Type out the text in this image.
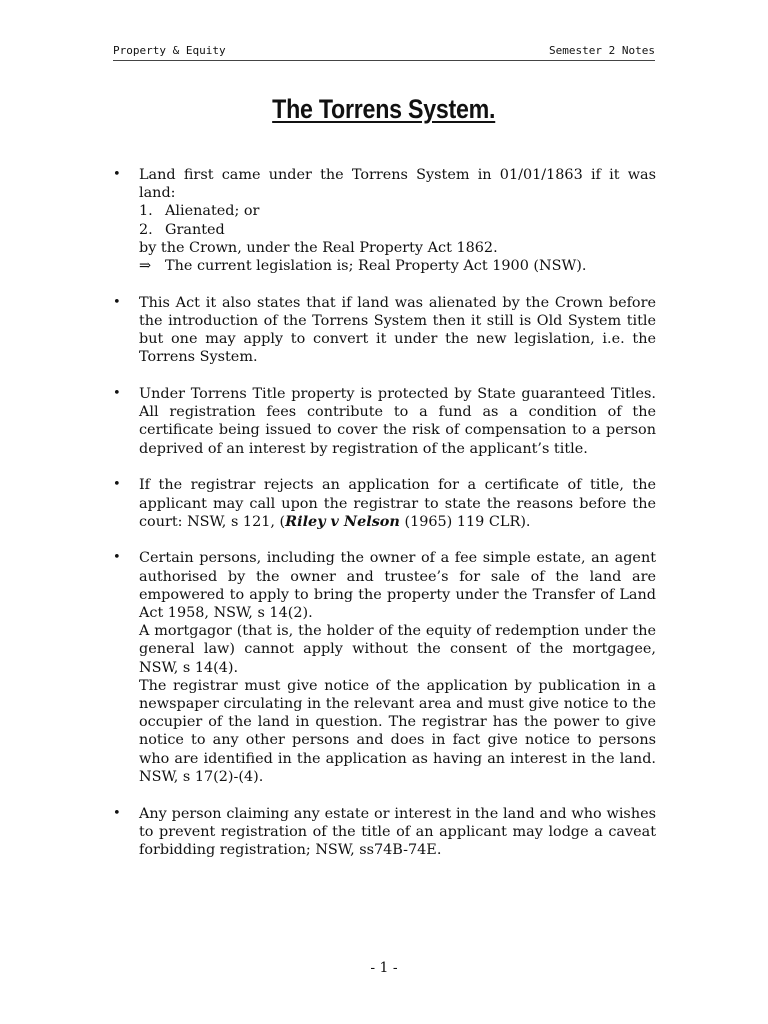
Property & Equity	Semester 2 Notes
The Torrens System.
• Land first came under the Torrens System in 01/01/1863 if it was land:
1. Alienated; or
2. Granted
by the Crown, under the Real Property Act 1862.
⇒ The current legislation is; Real Property Act 1900 (NSW).
• This Act it also states that if land was alienated by the Crown before the introduction of the Torrens System then it still is Old System title but one may apply to convert it under the new legislation, i.e. the Torrens System.
• Under Torrens Title property is protected by State guaranteed Titles. All registration fees contribute to a fund as a condition of the certificate being issued to cover the risk of compensation to a person deprived of an interest by registration of the applicant’s title.
• If the registrar rejects an application for a certificate of title, the applicant may call upon the registrar to state the reasons before the court: NSW, s 121, (Riley v Nelson (1965) 119 CLR).
• Certain persons, including the owner of a fee simple estate, an agent authorised by the owner and trustee’s for sale of the land are empowered to apply to bring the property under the Transfer of Land Act 1958, NSW, s 14(2).
A mortgagor (that is, the holder of the equity of redemption under the general law) cannot apply without the consent of the mortgagee, NSW, s 14(4).
The registrar must give notice of the application by publication in a newspaper circulating in the relevant area and must give notice to the occupier of the land in question. The registrar has the power to give notice to any other persons and does in fact give notice to persons who are identified in the application as having an interest in the land. NSW, s 17(2)-(4).
• Any person claiming any estate or interest in the land and who wishes to prevent registration of the title of an applicant may lodge a caveat forbidding registration; NSW, ss74B-74E.
- 1 -
